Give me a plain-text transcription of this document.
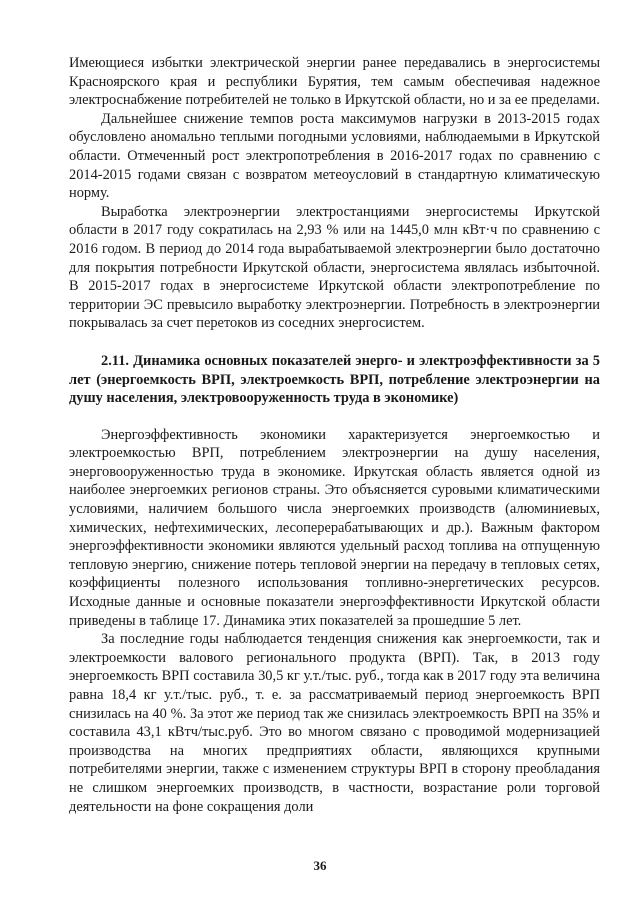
Имеющиеся избытки электрической энергии ранее передавались в энергосистемы Красноярского края и республики Бурятия, тем самым обеспечивая надежное электроснабжение потребителей не только в Иркутской области, но и за ее пределами.

Дальнейшее снижение темпов роста максимумов нагрузки в 2013-2015 годах обусловлено аномально теплыми погодными условиями, наблюдаемыми в Иркутской области. Отмеченный рост электропотребления в 2016-2017 годах по сравнению с 2014-2015 годами связан с возвратом метеоусловий в стандартную климатическую норму.

Выработка электроэнергии электростанциями энергосистемы Иркутской области в 2017 году сократилась на 2,93 % или на 1445,0 млн кВт·ч по сравнению с 2016 годом. В период до 2014 года вырабатываемой электроэнергии было достаточно для покрытия потребности Иркутской области, энергосистема являлась избыточной. В 2015-2017 годах в энергосистеме Иркутской области электропотребление по территории ЭС превысило выработку электроэнергии. Потребность в электроэнергии покрывалась за счет перетоков из соседних энергосистем.

2.11. Динамика основных показателей энерго- и электроэффективности за 5 лет (энергоемкость ВРП, электроемкость ВРП, потребление электроэнергии на душу населения, электровооруженность труда в экономике)

Энергоэффективность экономики характеризуется энергоемкостью и электроемкостью ВРП, потреблением электроэнергии на душу населения, энерговооруженностью труда в экономике. Иркутская область является одной из наиболее энергоемких регионов страны. Это объясняется суровыми климатическими условиями, наличием большого числа энергоемких производств (алюминиевых, химических, нефтехимических, лесоперерабатывающих и др.). Важным фактором энергоэффективности экономики являются удельный расход топлива на отпущенную тепловую энергию, снижение потерь тепловой энергии на передачу в тепловых сетях, коэффициенты полезного использования топливно-энергетических ресурсов. Исходные данные и основные показатели энергоэффективности Иркутской области приведены в таблице 17. Динамика этих показателей за прошедшие 5 лет.

За последние годы наблюдается тенденция снижения как энергоемкости, так и электроемкости валового регионального продукта (ВРП). Так, в 2013 году энергоемкость ВРП составила 30,5 кг у.т./тыс. руб., тогда как в 2017 году эта величина равна 18,4 кг у.т./тыс. руб., т. е. за рассматриваемый период энергоемкость ВРП снизилась на 40 %. За этот же период так же снизилась электроемкость ВРП на 35% и составила 43,1 кВтч/тыс.руб. Это во многом связано с проводимой модернизацией производства на многих предприятиях области, являющихся крупными потребителями энергии, также с изменением структуры ВРП в сторону преобладания не слишком энергоемких производств, в частности, возрастание роли торговой деятельности на фоне сокращения доли

36
